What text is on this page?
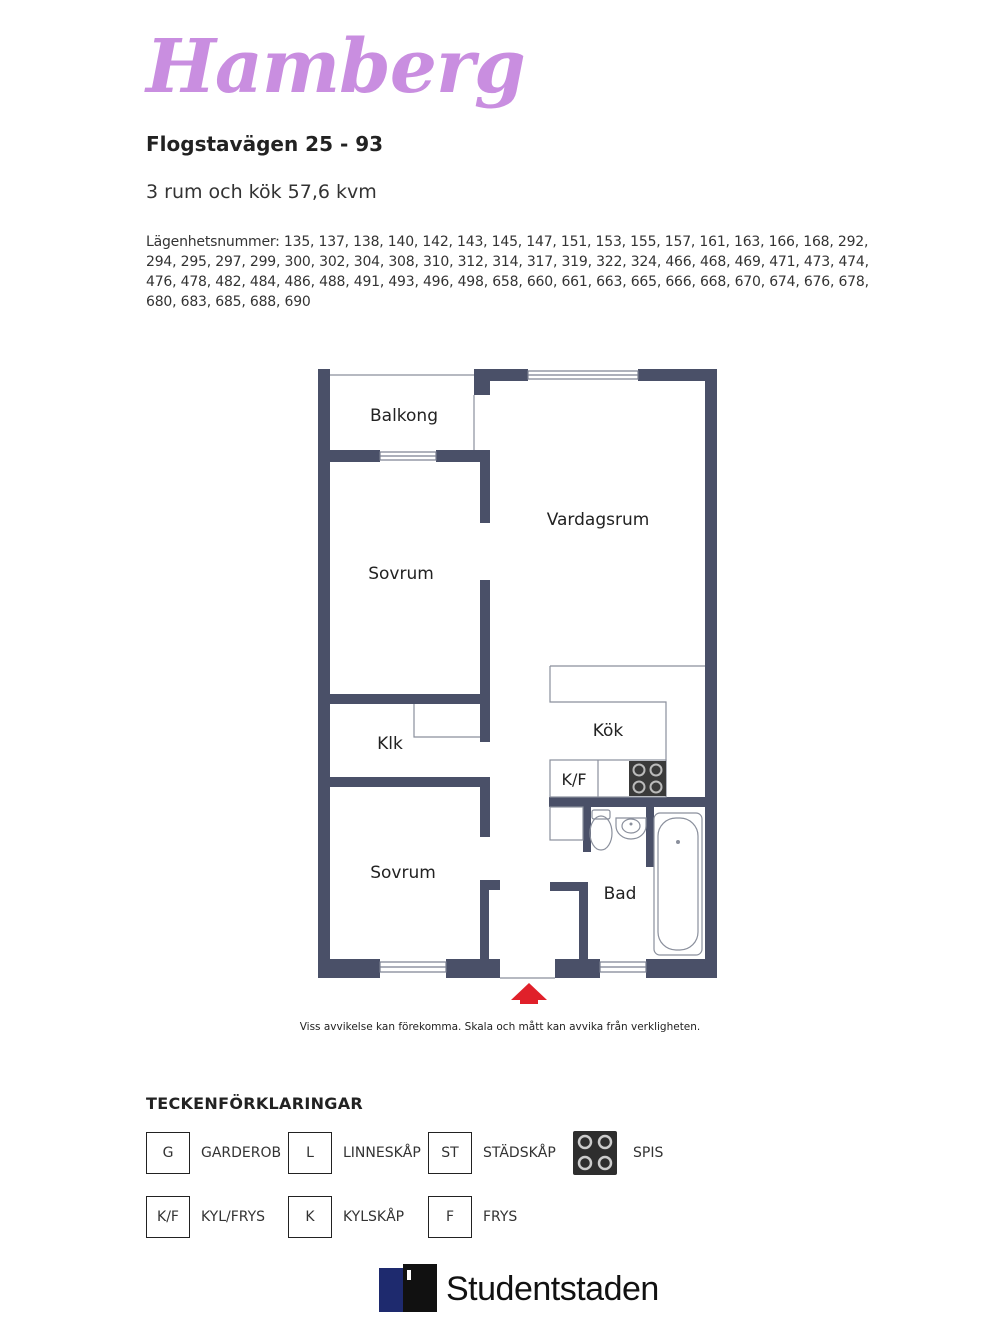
Hamberg
Flogstavägen 25 - 93
3 rum och kök 57,6 kvm
Lägenhetsnummer: 135, 137, 138, 140, 142, 143, 145, 147, 151, 153, 155, 157, 161, 163, 166, 168, 292, 294, 295, 297, 299, 300, 302, 304, 308, 310, 312, 314, 317, 319, 322, 324, 466, 468, 469, 471, 473, 474, 476, 478, 482, 484, 486, 488, 491, 493, 496, 498, 658, 660, 661, 663, 665, 666, 668, 670, 674, 676, 678, 680, 683, 685, 688, 690
Balkong
Vardagsrum
Sovrum
Klk
Kök
K/F
Sovrum
Bad
Viss avvikelse kan förekomma. Skala och mått kan avvika från verkligheten.
TECKENFÖRKLARINGAR
G	GARDEROB	L	LINNESKÅP	ST	STÄDSKÅP	SPIS
K/F	KYL/FRYS	K	KYLSKÅP	F	FRYS
Studentstaden
